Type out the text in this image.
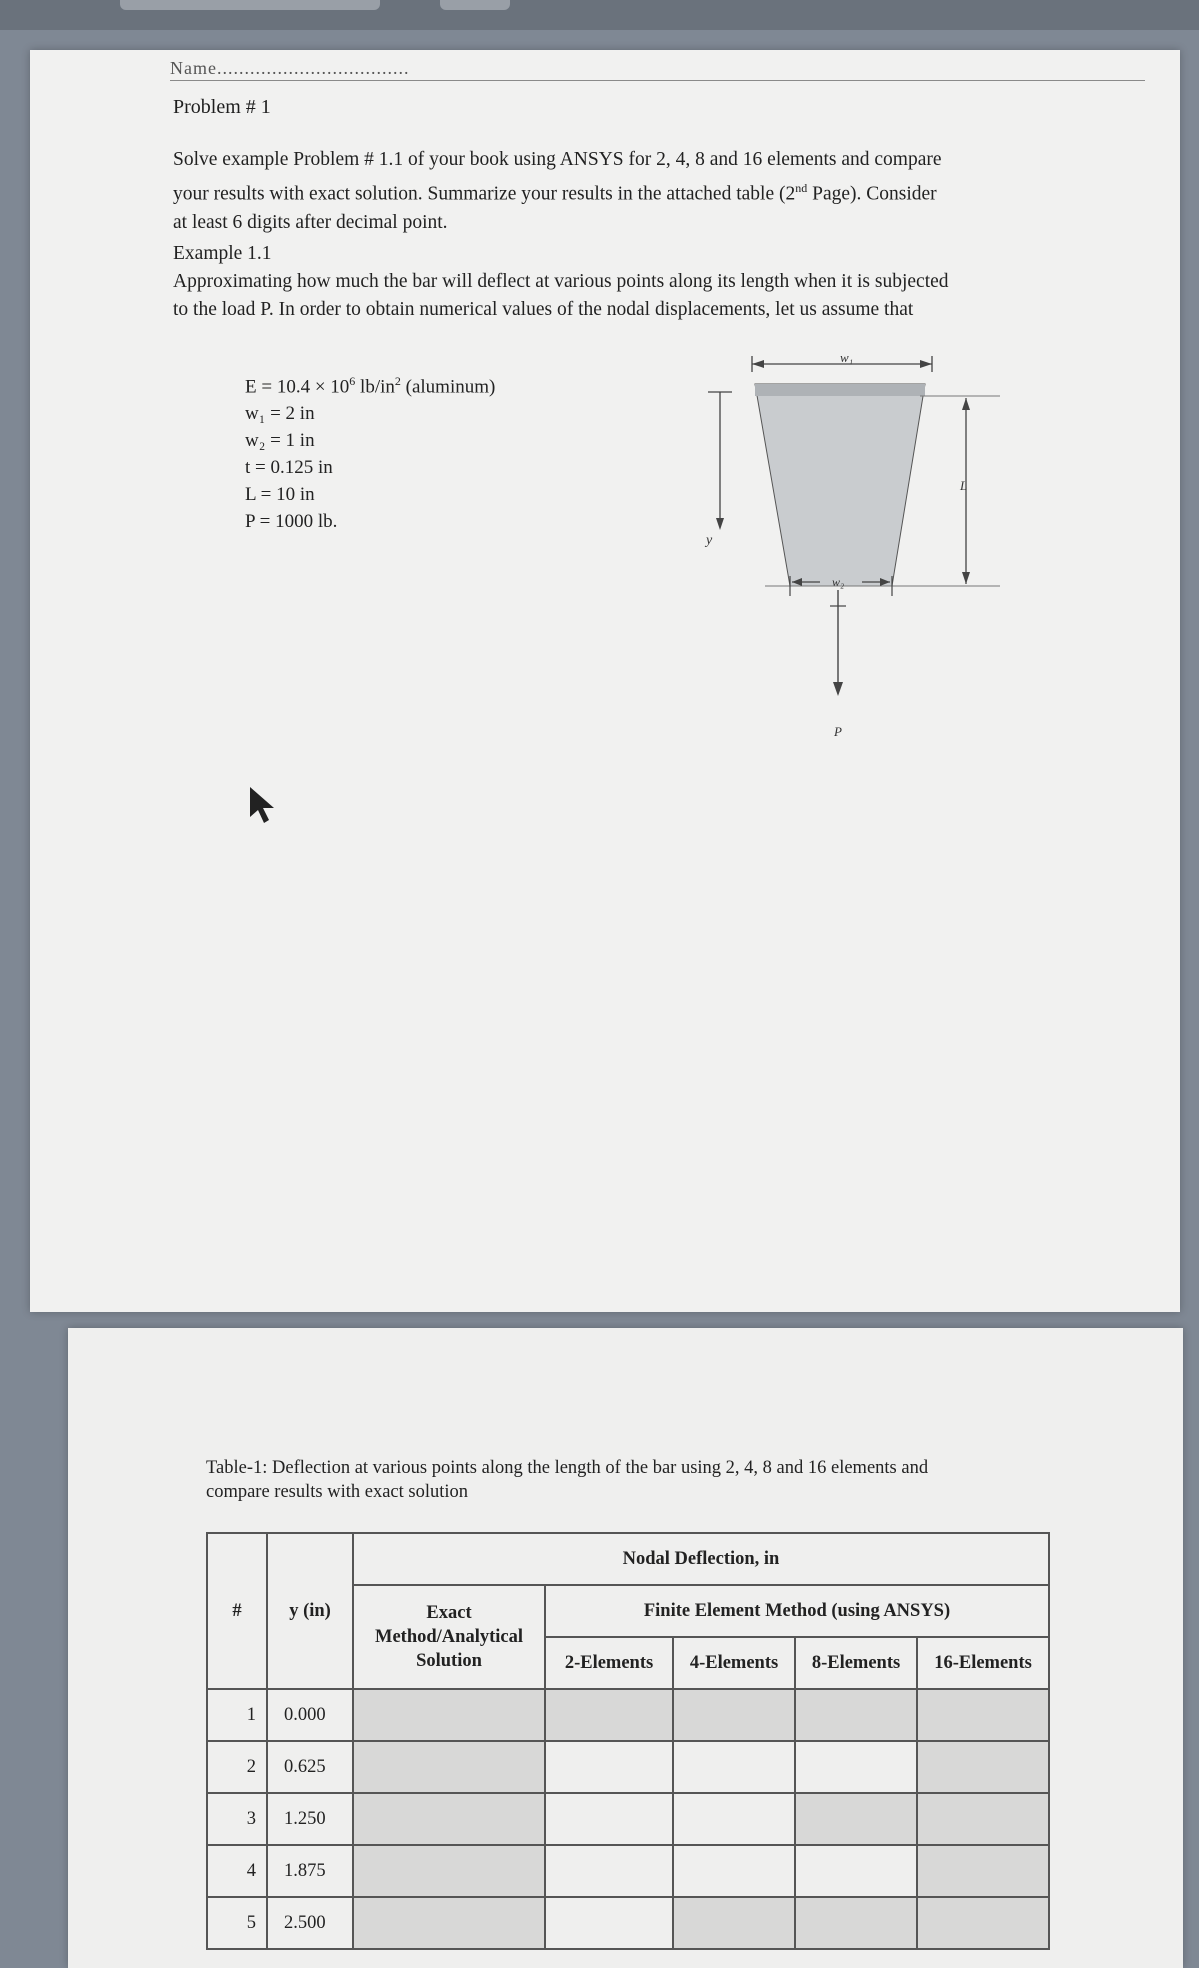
Name...................................
Problem # 1
Solve example Problem # 1.1 of your book using ANSYS for 2, 4, 8 and 16 elements and compare
your results with exact solution. Summarize your results in the attached table (2nd Page). Consider
at least 6 digits after decimal point.
Example 1.1
Approximating how much the bar will deflect at various points along its length when it is subjected
to the load P. In order to obtain numerical values of the nodal displacements, let us assume that
$E = 10.4 \times 10^6$ $lb/in^2$ (aluminum)
w₁ = 2 in
w₂ = 1 in
t = 0.125 in
L = 10 in
P = 1000 lb.
w₁
y
L
w₂
P
Table-1: Deflection at various points along the length of the bar using 2, 4, 8 and 16 elements and
compare results with exact solution
#	y (in)	Nodal Deflection, in				
		Exact Method/Analytical Solution	Finite Element Method (using ANSYS)			
			2-Elements	4-Elements	8-Elements	16-Elements
1	0.000					
2	0.625					
3	1.250					
4	1.875					
5	2.500					
